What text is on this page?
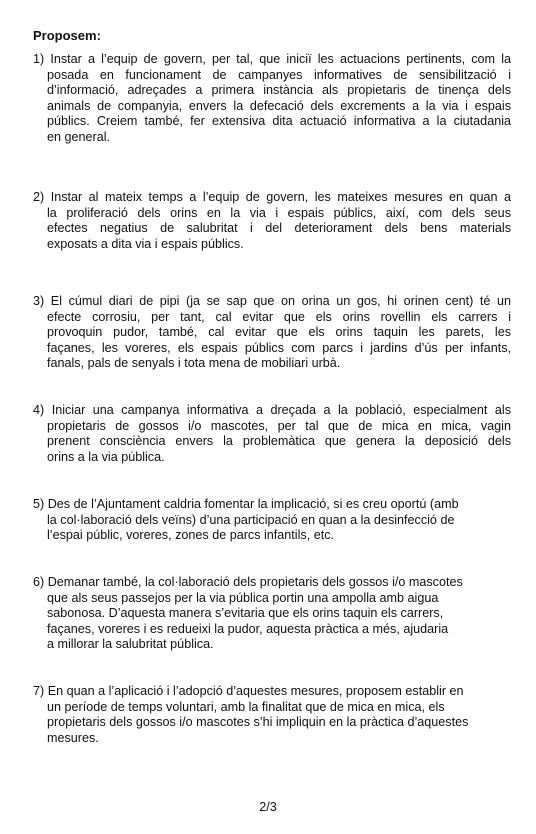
Proposem:
1) Instar a l’equip de govern, per tal, que iniciï les actuacions pertinents, com la
posada en funcionament de campanyes informatives de sensibilització i
d’informació, adreçades a primera instància als propietaris de tinença dels
animals de companyia, envers la defecació dels excrements a la via i espais
públics. Creiem també, fer extensiva dita actuació informativa a la ciutadania
en general.
2) Instar al mateix temps a l’equip de govern, les mateixes mesures en quan a
la proliferació dels orins en la via i espais públics, així, com dels seus
efectes negatius de salubritat i del deteriorament dels bens materials
exposats a dita via i espais públics.
3) El cúmul diari de pipi (ja se sap que on orina un gos, hi orinen cent) té un
efecte corrosiu, per tant, cal evitar que els orins rovellin els carrers i
provoquin pudor, també, cal evitar que els orins taquin les parets, les
façanes, les voreres, els espais públics com parcs i jardins d’ús per infants,
fanals, pals de senyals i tota mena de mobiliari urbà.
4) Iniciar una campanya informativa a dreçada a la població, especialment als
propietaris de gossos i/o mascotes, per tal que de mica en mica, vagin
prenent consciència envers la problemàtica que genera la deposició dels
orins a la via pública.
5) Des de l’Ajuntament caldria fomentar la implicació, si es creu oportú (amb
la col·laboració dels veïns) d’una participació en quan a la desinfecció de
l’espai públic, voreres, zones de parcs infantils, etc.
6) Demanar també, la col·laboració dels propietaris dels gossos i/o mascotes
que als seus passejos per la via pública portin una ampolla amb aigua
sabonosa. D’aquesta manera s’evitaria que els orins taquin els carrers,
façanes, voreres i es redueixi la pudor, aquesta pràctica a més, ajudaria
a millorar la salubritat pública.
7) En quan a l’aplicació i l’adopció d’aquestes mesures, proposem establir en
un període de temps voluntari, amb la finalitat que de mica en mica, els
propietaris dels gossos i/o mascotes s’hi impliquin en la pràctica d’aquestes
mesures.
2/3
